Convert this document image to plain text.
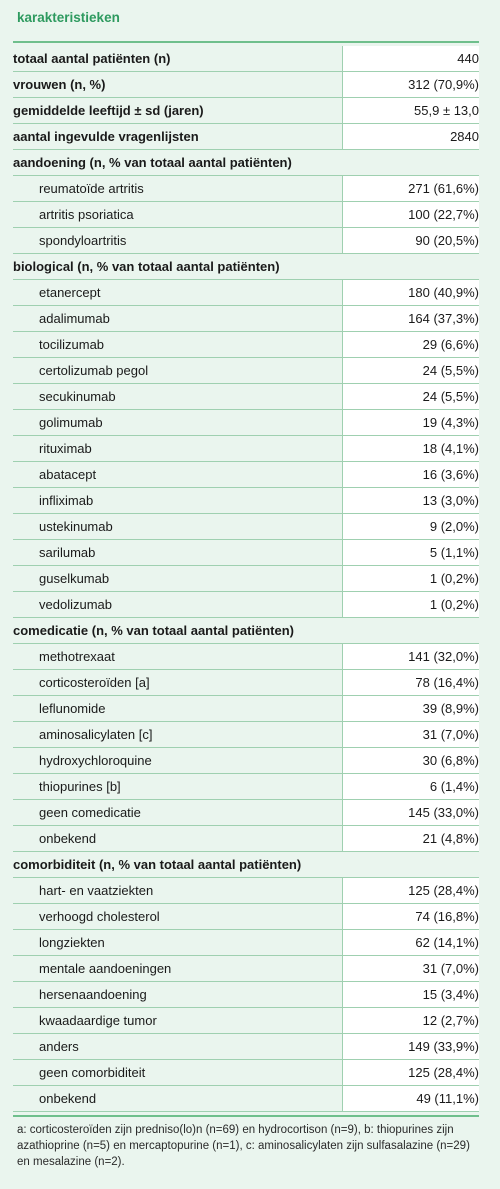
karakteristieken
totaal aantal patiënten (n)	440
vrouwen (n, %)	312 (70,9%)
gemiddelde leeftijd ± sd (jaren)	55,9 ± 13,0
aantal ingevulde vragenlijsten	2840
aandoening (n, % van totaal aantal patiënten)	
reumatoïde artritis	271 (61,6%)
artritis psoriatica	100 (22,7%)
spondyloartritis	90 (20,5%)
biological (n, % van totaal aantal patiënten)	
etanercept	180 (40,9%)
adalimumab	164 (37,3%)
tocilizumab	29 (6,6%)
certolizumab pegol	24 (5,5%)
secukinumab	24 (5,5%)
golimumab	19 (4,3%)
rituximab	18 (4,1%)
abatacept	16 (3,6%)
infliximab	13 (3,0%)
ustekinumab	9 (2,0%)
sarilumab	5 (1,1%)
guselkumab	1 (0,2%)
vedolizumab	1 (0,2%)
comedicatie (n, % van totaal aantal patiënten)	
methotrexaat	141 (32,0%)
corticosteroïden [a]	78 (16,4%)
leflunomide	39 (8,9%)
aminosalicylaten [c]	31 (7,0%)
hydroxychloroquine	30 (6,8%)
thiopurines [b]	6 (1,4%)
geen comedicatie	145 (33,0%)
onbekend	21 (4,8%)
comorbiditeit (n, % van totaal aantal patiënten)	
hart- en vaatziekten	125 (28,4%)
verhoogd cholesterol	74 (16,8%)
longziekten	62 (14,1%)
mentale aandoeningen	31 (7,0%)
hersenaandoening	15 (3,4%)
kwaadaardige tumor	12 (2,7%)
anders	149 (33,9%)
geen comorbiditeit	125 (28,4%)
onbekend	49 (11,1%)
a: corticosteroïden zijn predniso(lo)n (n=69) en hydrocortison (n=9), b: thiopurines zijn azathioprine (n=5) en mercaptopurine (n=1), c: aminosalicylaten zijn sulfasalazine (n=29) en mesalazine (n=2).
